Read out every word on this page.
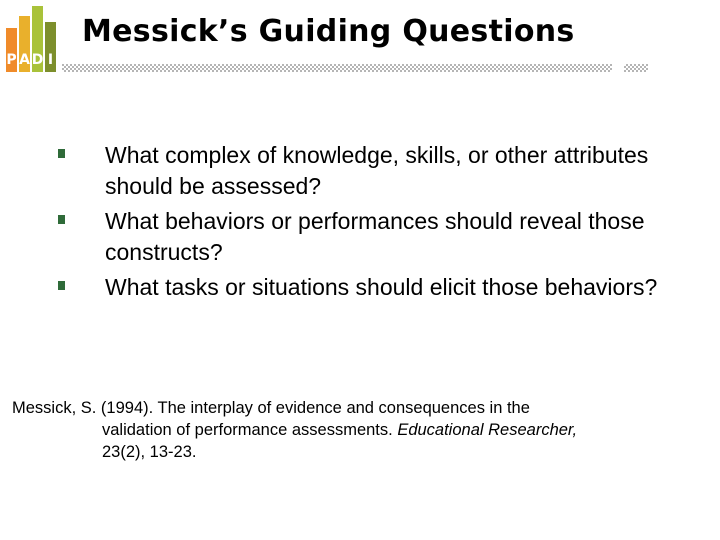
P A D I
Messick’s Guiding Questions
What complex of knowledge, skills, or other attributes should be assessed?
What behaviors or performances should reveal those constructs?
What tasks or situations should elicit those behaviors?
Messick, S. (1994). The interplay of evidence and consequences in the
validation of performance assessments. Educational Researcher,
23(2), 13-23.
